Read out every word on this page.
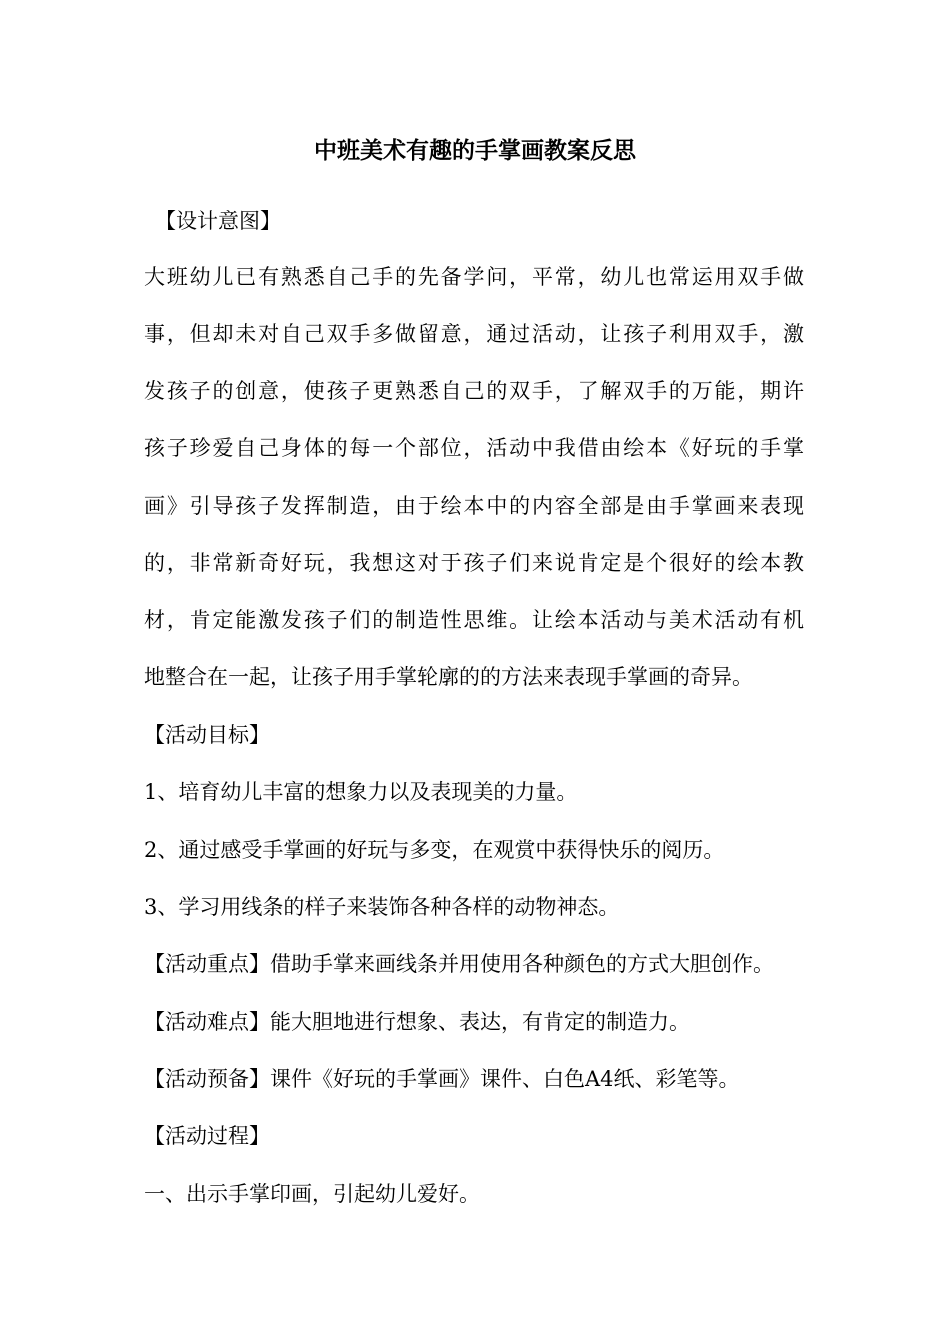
中班美术有趣的手掌画教案反思

【设计意图】

大班幼儿已有熟悉自己手的先备学问，平常，幼儿也常运用双手做

事，但却未对自己双手多做留意，通过活动，让孩子利用双手，激

发孩子的创意，使孩子更熟悉自己的双手，了解双手的万能，期许

孩子珍爱自己身体的每一个部位，活动中我借由绘本《好玩的手掌

画》引导孩子发挥制造，由于绘本中的内容全部是由手掌画来表现

的，非常新奇好玩，我想这对于孩子们来说肯定是个很好的绘本教

材，肯定能激发孩子们的制造性思维。让绘本活动与美术活动有机

地整合在一起，让孩子用手掌轮廓的的方法来表现手掌画的奇异。

【活动目标】

1、培育幼儿丰富的想象力以及表现美的力量。

2、通过感受手掌画的好玩与多变，在观赏中获得快乐的阅历。

3、学习用线条的样子来装饰各种各样的动物神态。

【活动重点】借助手掌来画线条并用使用各种颜色的方式大胆创作。

【活动难点】能大胆地进行想象、表达，有肯定的制造力。

【活动预备】课件《好玩的手掌画》课件、白色A4纸、彩笔等。

【活动过程】

一、出示手掌印画，引起幼儿爱好。
